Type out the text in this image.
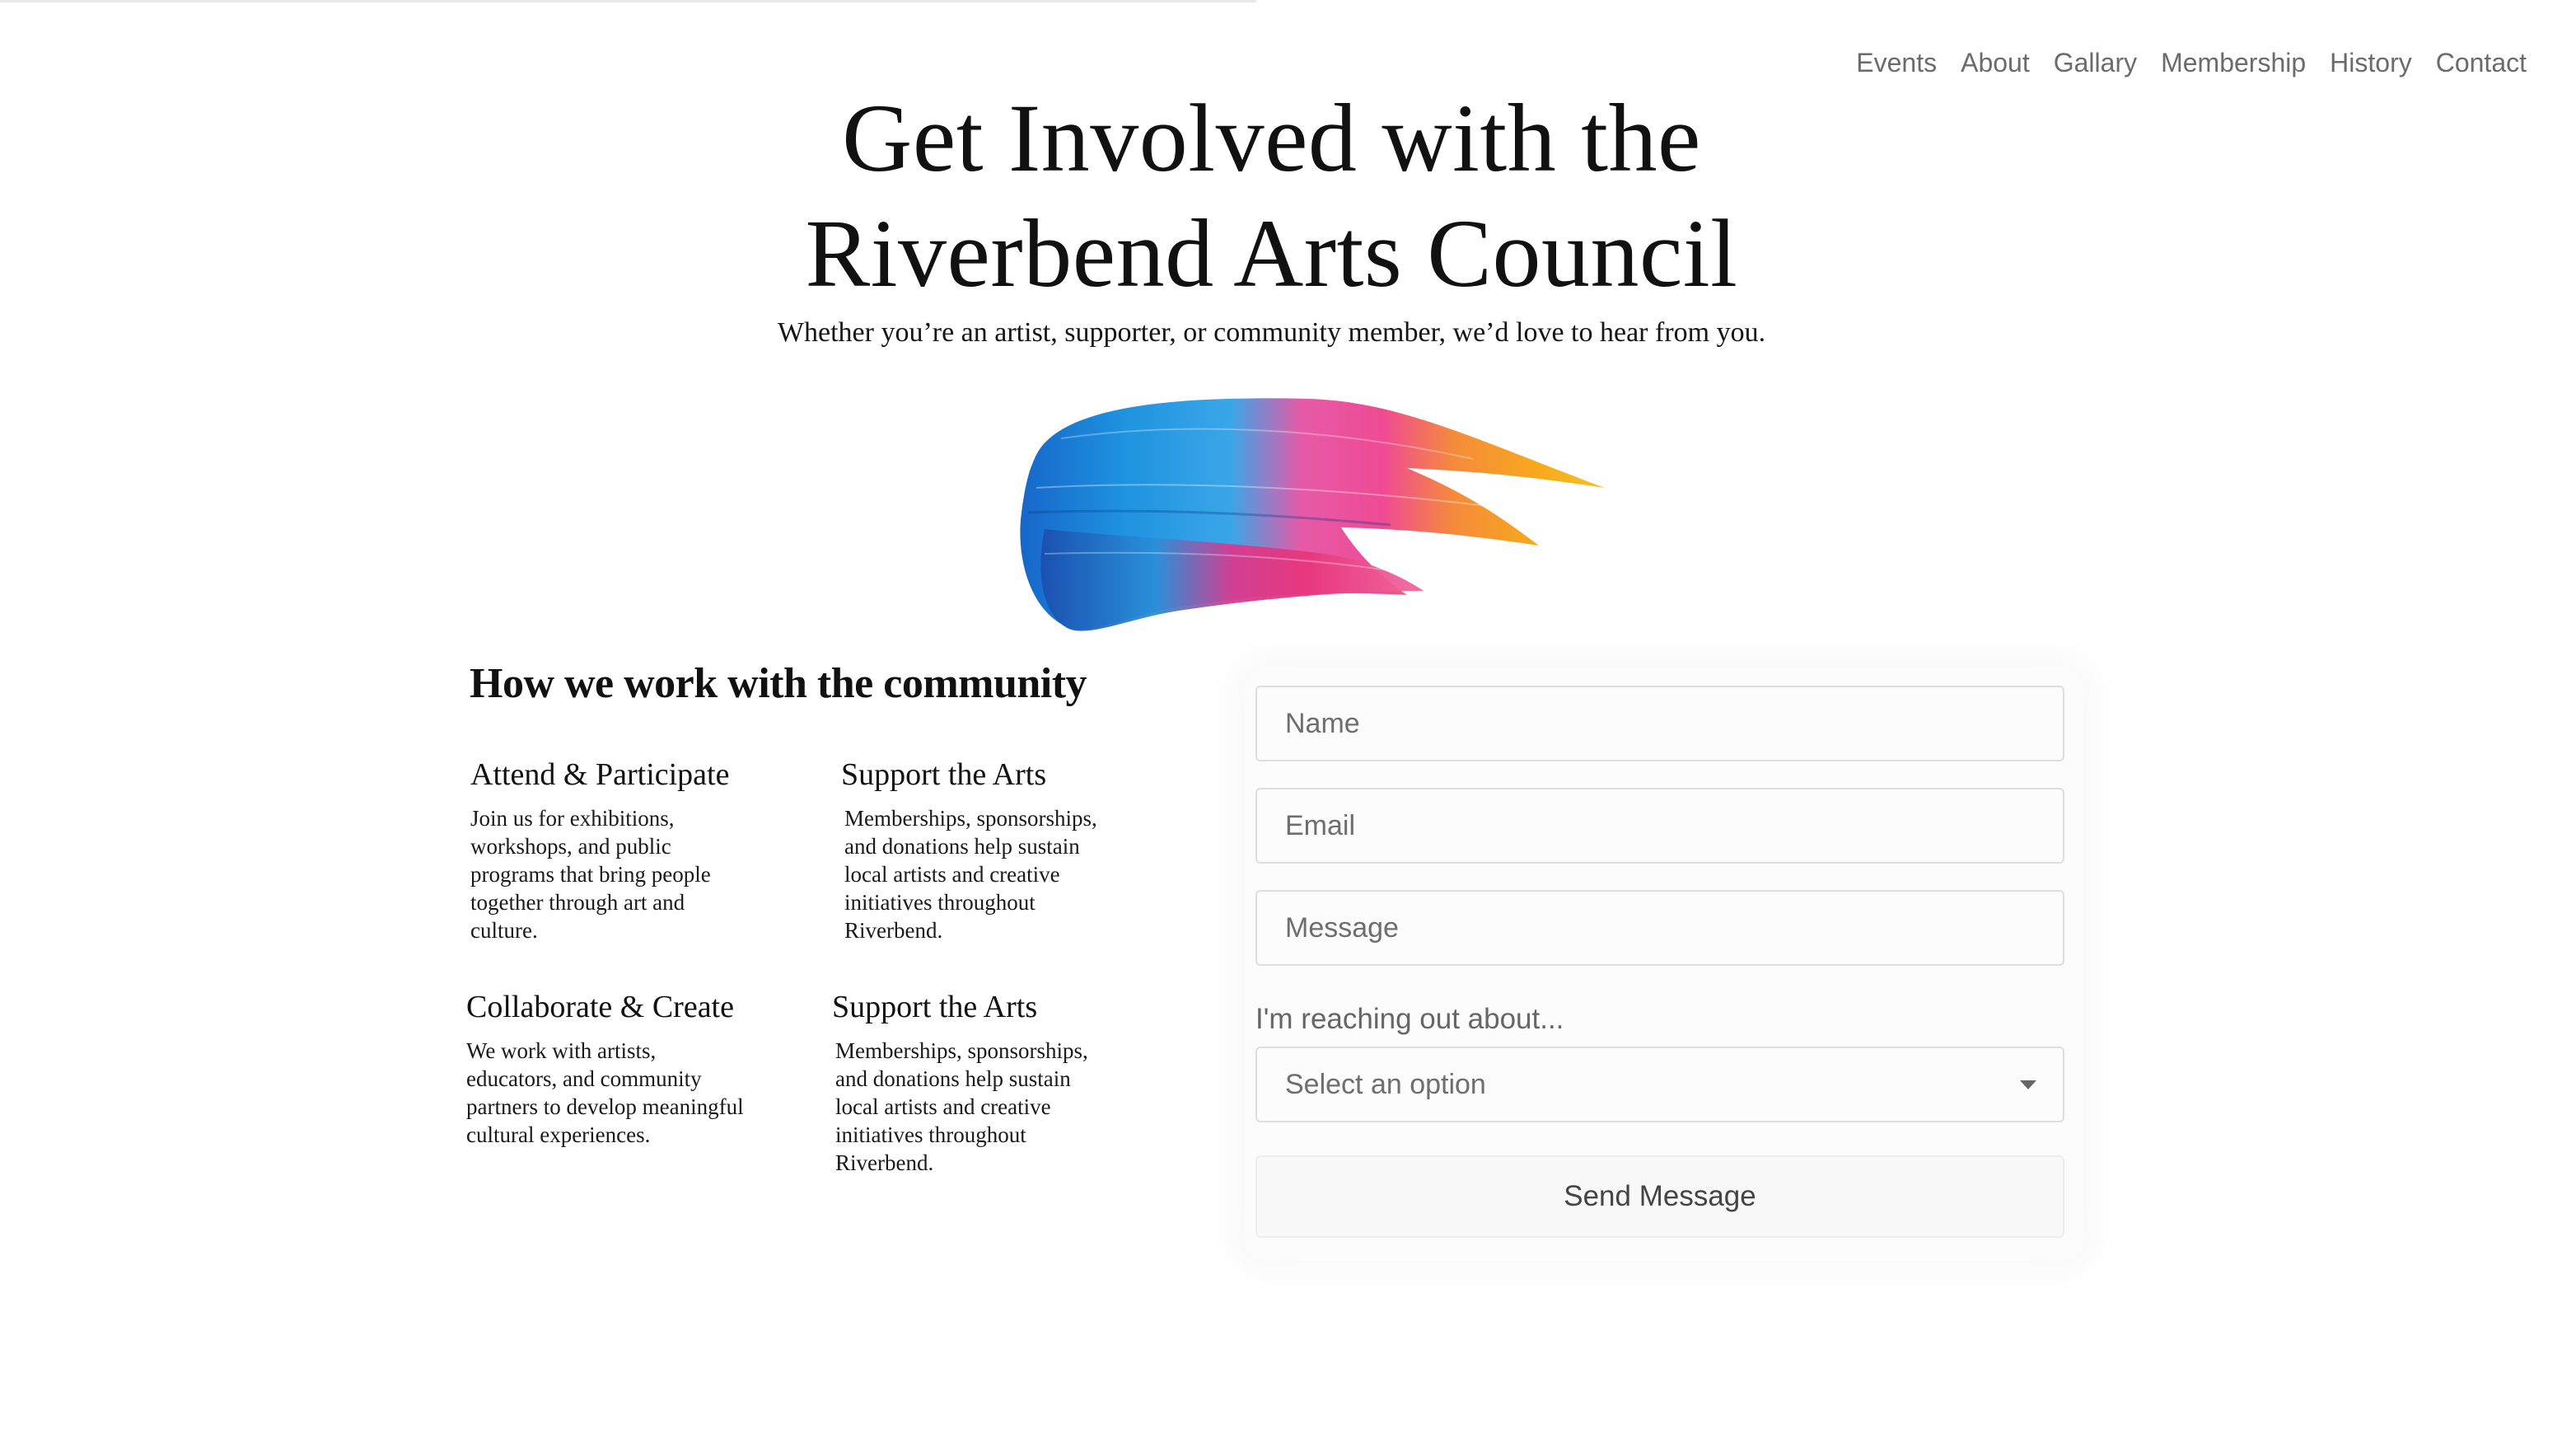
Events About Gallary Membership History Contact
Get Involved with the
Riverbend Arts Council

Whether you’re an artist, supporter, or community member, we’d love to hear from you.

How we work with the community
Attend & Participate

Join us for exhibitions, workshops, and public programs that bring people together through art and culture.

Support the Arts

Memberships, sponsorships, and donations help sustain local artists and creative initiatives throughout Riverbend.

Collaborate & Create

We work with artists, educators, and community partners to develop meaningful cultural experiences.

Support the Arts

Memberships, sponsorships, and donations help sustain local artists and creative initiatives throughout Riverbend.

Name
Email
Message
I'm reaching out about...
Select an option
Send Message
